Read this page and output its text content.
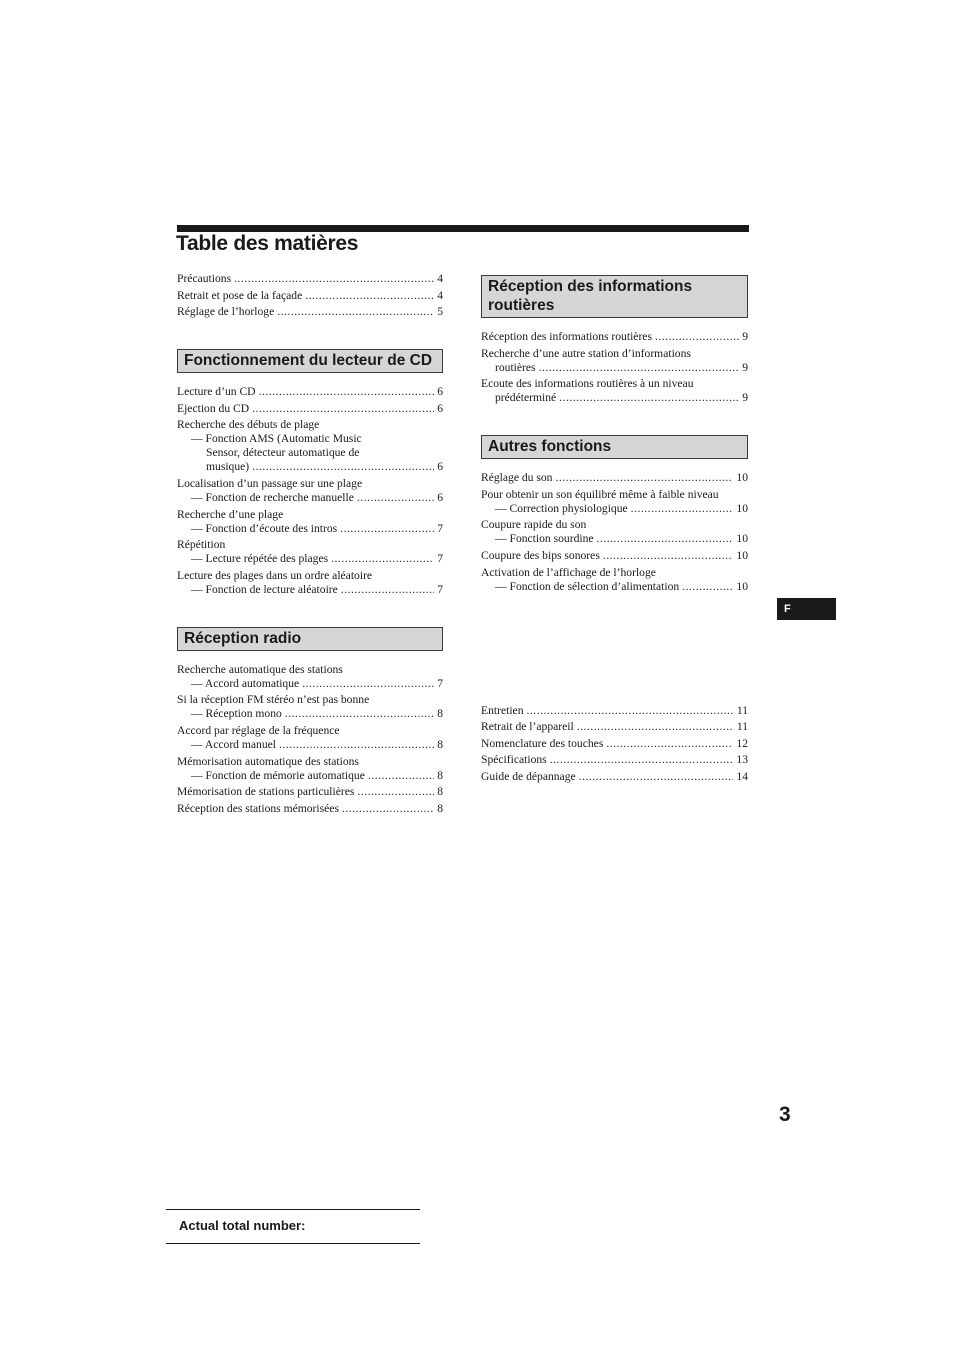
Table des matières
Précautions .....	4
Retrait et pose de la façade .....	4
Réglage de l’horloge .....	5
Fonctionnement du lecteur de CD
Lecture d’un CD .....	6
Ejection du CD .....	6
Recherche des débuts de plage
— Fonction AMS (Automatic Music
Sensor, détecteur automatique de
musique) .....	6
Localisation d’un passage sur une plage
— Fonction de recherche manuelle .....	6
Recherche d’une plage
— Fonction d’écoute des intros .....	7
Répétition
— Lecture répétée des plages .....	7
Lecture des plages dans un ordre aléatoire
— Fonction de lecture aléatoire .....	7
Réception radio
Recherche automatique des stations
— Accord automatique .....	7
Si la réception FM stéréo n’est pas bonne
— Réception mono .....	8
Accord par réglage de la fréquence
— Accord manuel .....	8
Mémorisation automatique des stations
— Fonction de mémorie automatique .....	8
Mémorisation de stations particulières .....	8
Réception des stations mémorisées .....	8
Réception des informations routières
Réception des informations routières .....	9
Recherche d’une autre station d’informations
routières .....	9
Ecoute des informations routières à un niveau
prédéterminé .....	9
Autres fonctions
Réglage du son .....	10
Pour obtenir un son équilibré même à faible niveau
— Correction physiologique .....	10
Coupure rapide du son
— Fonction sourdine .....	10
Coupure des bips sonores .....	10
Activation de l’affichage de l’horloge
— Fonction de sélection d’alimentation .....	10
Entretien .....	11
Retrait de l’appareil .....	11
Nomenclature des touches .....	12
Spécifications .....	13
Guide de dépannage .....	14
F
3
Actual total number:
